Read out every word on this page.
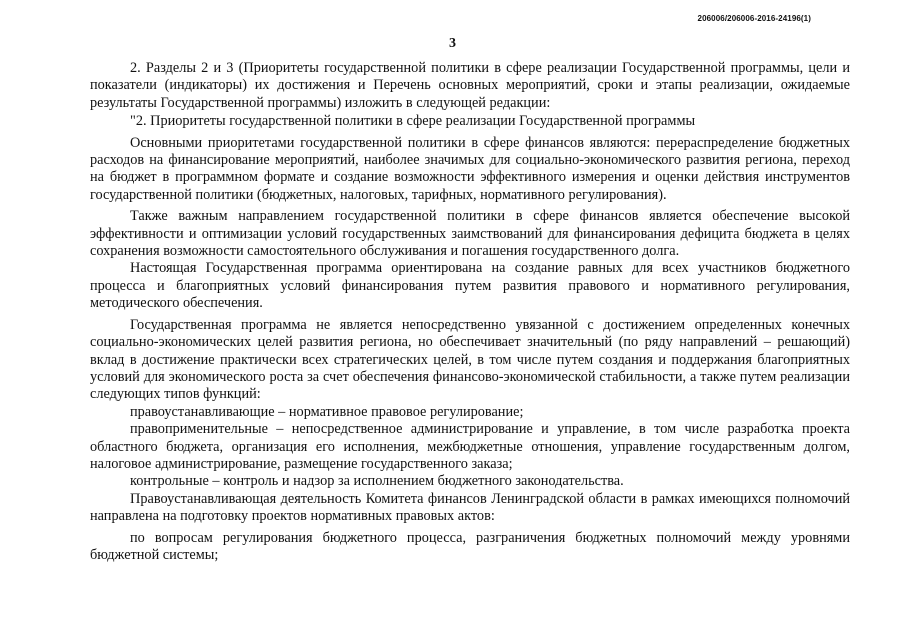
206006/206006-2016-24196(1)
3

2. Разделы 2 и 3 (Приоритеты государственной политики в сфере реализации Государственной программы, цели и показатели (индикаторы) их достижения и Перечень основных мероприятий, сроки и этапы реализации, ожидаемые результаты Государственной программы) изложить в следующей редакции:

"2. Приоритеты государственной политики в сфере реализации Государственной программы

Основными приоритетами государственной политики в сфере финансов являются: перераспределение бюджетных расходов на финансирование мероприятий, наиболее значимых для социально-экономического развития региона, переход на бюджет в программном формате и создание возможности эффективного измерения и оценки действия инструментов государственной политики (бюджетных, налоговых, тарифных, нормативного регулирования).

Также важным направлением государственной политики в сфере финансов является обеспечение высокой эффективности и оптимизации условий государственных заимствований для финансирования дефицита бюджета в целях сохранения возможности самостоятельного обслуживания и погашения государственного долга.

Настоящая Государственная программа ориентирована на создание равных для всех участников бюджетного процесса и благоприятных условий финансирования путем развития правового и нормативного регулирования, методического обеспечения.

Государственная программа не является непосредственно увязанной с достижением определенных конечных социально-экономических целей развития региона, но обеспечивает значительный (по ряду направлений – решающий) вклад в достижение практически всех стратегических целей, в том числе путем создания и поддержания благоприятных условий для экономического роста за счет обеспечения финансово-экономической стабильности, а также путем реализации следующих типов функций:

правоустанавливающие – нормативное правовое регулирование;

правоприменительные – непосредственное администрирование и управление, в том числе разработка проекта областного бюджета, организация его исполнения, межбюджетные отношения, управление государственным долгом, налоговое администрирование, размещение государственного заказа;

контрольные – контроль и надзор за исполнением бюджетного законодательства.

Правоустанавливающая деятельность Комитета финансов Ленинградской области в рамках имеющихся полномочий направлена на подготовку проектов нормативных правовых актов:

по вопросам регулирования бюджетного процесса, разграничения бюджетных полномочий между уровнями бюджетной системы;
